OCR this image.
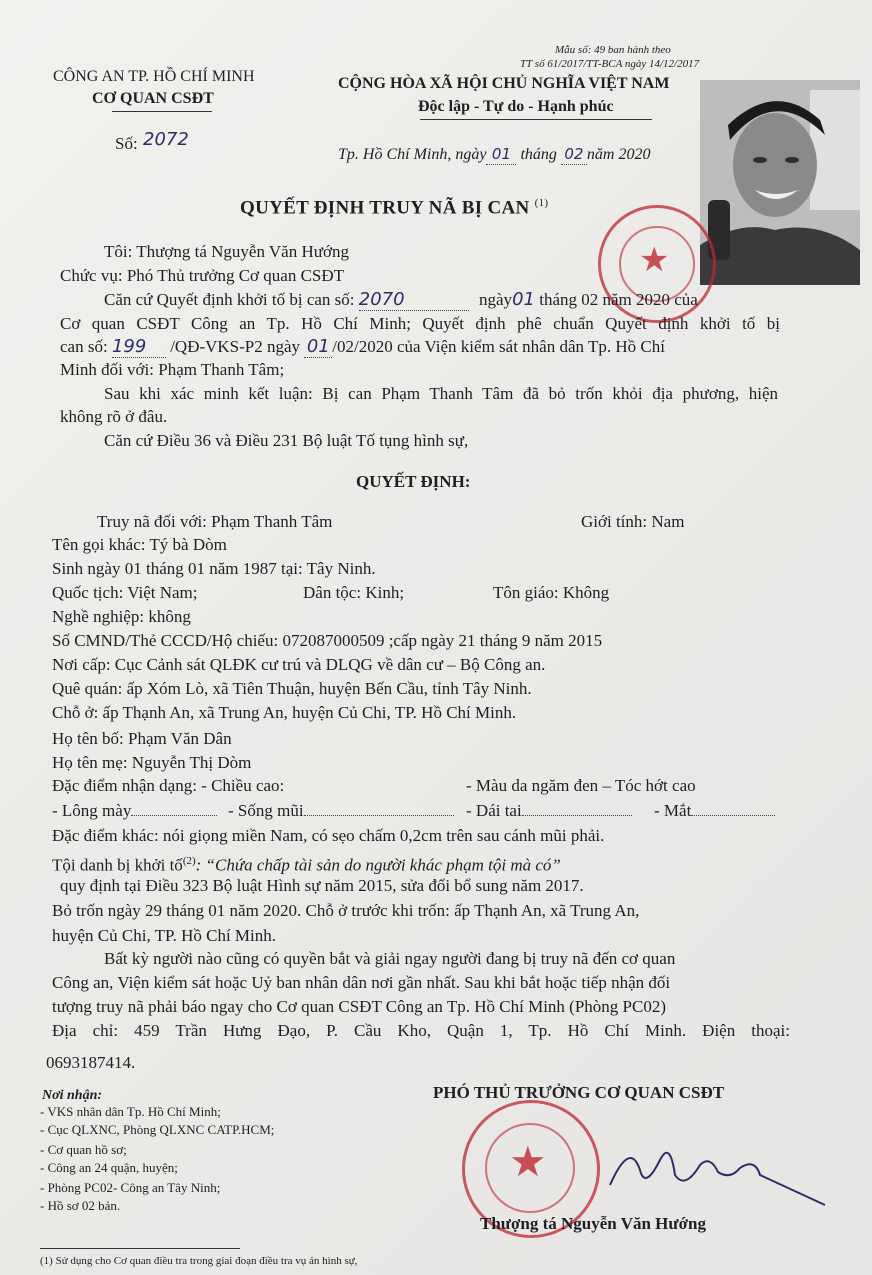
Mẫu số: 49 ban hành theo
TT số 61/2017/TT-BCA ngày 14/12/2017
CÔNG AN TP. HỒ CHÍ MINH
CƠ QUAN CSĐT
CỘNG HÒA XÃ HỘI CHỦ NGHĨA VIỆT NAM
Độc lập - Tự do - Hạnh phúc
Số: 2072
Tp. Hồ Chí Minh, ngày 01 tháng 02 năm 2020
QUYẾT ĐỊNH TRUY NÃ BỊ CAN $^{(1)}$
★
Tôi: Thượng tá Nguyễn Văn Hướng
Chức vụ: Phó Thủ trưởng Cơ quan CSĐT
Căn cứ Quyết định khởi tố bị can số: 2070	ngày01 tháng 02 năm 2020 của
Cơ quan CSĐT Công an Tp. Hồ Chí Minh; Quyết định phê chuẩn Quyết định khởi tố bị
can số: 199 /QĐ-VKS-P2 ngày 01 /02/2020 của Viện kiểm sát nhân dân Tp. Hồ Chí
Minh đối với: Phạm Thanh Tâm;
Sau khi xác minh kết luận: Bị can Phạm Thanh Tâm đã bỏ trốn khỏi địa phương, hiện
không rõ ở đâu.
Căn cứ Điều 36 và Điều 231 Bộ luật Tố tụng hình sự,
QUYẾT ĐỊNH:
Truy nã đối với: Phạm Thanh Tâm	Giới tính: Nam
Tên gọi khác: Tý bà Dòm
Sinh ngày 01 tháng 01 năm 1987 tại: Tây Ninh.
Quốc tịch: Việt Nam;	Dân tộc: Kinh;	Tôn giáo: Không
Nghề nghiệp: không
Số CMND/Thẻ CCCD/Hộ chiếu: 072087000509 ;cấp ngày 21 tháng 9 năm 2015
Nơi cấp: Cục Cảnh sát QLĐK cư trú và DLQG về dân cư – Bộ Công an.
Quê quán: ấp Xóm Lò, xã Tiên Thuận, huyện Bến Cầu, tỉnh Tây Ninh.
Chỗ ở: ấp Thạnh An, xã Trung An, huyện Củ Chi, TP. Hồ Chí Minh.
Họ tên bố: Phạm Văn Dân
Họ tên mẹ: Nguyễn Thị Dòm
Đặc điểm nhận dạng: - Chiều cao:	- Màu da ngăm đen – Tóc hớt cao
- Lông mày	- Sống mũi	- Dái tai	- Mắt
Đặc điểm khác: nói giọng miền Nam, có sẹo chấm 0,2cm trên sau cánh mũi phải.
Tội danh bị khởi tố$^{(2)}$: “Chứa chấp tài sản do người khác phạm tội mà có”
quy định tại Điều 323 Bộ luật Hình sự năm 2015, sửa đổi bổ sung năm 2017.
Bỏ trốn ngày 29 tháng 01 năm 2020. Chỗ ở trước khi trốn: ấp Thạnh An, xã Trung An,
huyện Củ Chi, TP. Hồ Chí Minh.
Bất kỳ người nào cũng có quyền bắt và giải ngay người đang bị truy nã đến cơ quan
Công an, Viện kiểm sát hoặc Uỷ ban nhân dân nơi gần nhất. Sau khi bắt hoặc tiếp nhận đối
tượng truy nã phải báo ngay cho Cơ quan CSĐT Công an Tp. Hồ Chí Minh (Phòng PC02)
Địa chỉ: 459 Trần Hưng Đạo, P. Cầu Kho, Quận 1, Tp. Hồ Chí Minh. Điện thoại:
0693187414.
Nơi nhận:
- VKS nhân dân Tp. Hồ Chí Minh;
- Cục QLXNC, Phòng QLXNC CATP.HCM;
- Cơ quan hồ sơ;
- Công an 24 quận, huyện;
- Phòng PC02- Công an Tây Ninh;
- Hồ sơ 02 bản.
PHÓ THỦ TRƯỞNG CƠ QUAN CSĐT
★
Thượng tá Nguyễn Văn Hướng
(1) Sử dụng cho Cơ quan điều tra trong giai đoạn điều tra vụ án hình sự,
